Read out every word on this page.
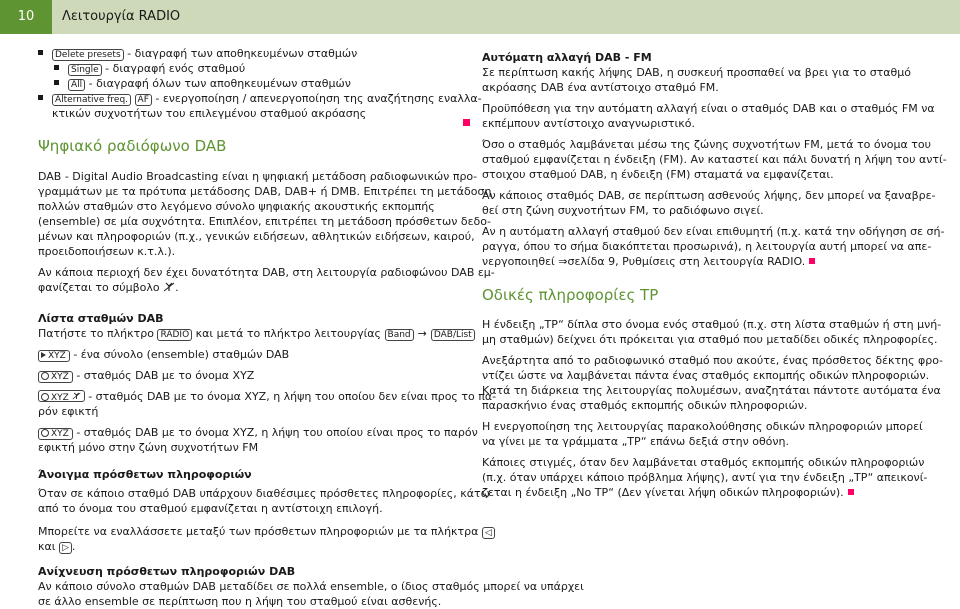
10	Λειτουργία RADIO
Delete presets - διαγραφή των αποθηκευμένων σταθμών
Single - διαγραφή ενός σταθμού
All - διαγραφή όλων των αποθηκευμένων σταθμών
Alternative freq. AF - ενεργοποίηση / απενεργοποίηση της αναζήτησης εναλλα-
κτικών συχνοτήτων του επιλεγμένου σταθμού ακρόασης
Ψηφιακό ραδιόφωνο DAB
DAB - Digital Audio Broadcasting είναι η ψηφιακή μετάδοση ραδιοφωνικών προ-
γραμμάτων με τα πρότυπα μετάδοσης DAB, DAB+ ή DMB. Επιτρέπει τη μετάδοση
πολλών σταθμών στο λεγόμενο σύνολο ψηφιακής ακουστικής εκπομπής
(ensemble) σε μία συχνότητα. Επιπλέον, επιτρέπει τη μετάδοση πρόσθετων δεδο-
μένων και πληροφοριών (π.χ., γενικών ειδήσεων, αθλητικών ειδήσεων, καιρού,
προειδοποιήσεων κ.τ.λ.).
Αν κάποια περιοχή δεν έχει δυνατότητα DAB, στη λειτουργία ραδιοφώνου DAB εμ-
φανίζεται το σύμβολο .
Λίστα σταθμών DAB
Πατήστε το πλήκτρο RADIO και μετά το πλήκτρο λειτουργίας Band → DAB/List
XYZ - ένα σύνολο (ensemble) σταθμών DAB
XYZ - σταθμός DAB με το όνομα XYZ
XYZ  - σταθμός DAB με το όνομα XYZ, η λήψη του οποίου δεν είναι προς το πα-
ρόν εφικτή
XYZ - σταθμός DAB με το όνομα XYZ, η λήψη του οποίου είναι προς το παρόν
εφικτή μόνο στην ζώνη συχνοτήτων FM
Άνοιγμα πρόσθετων πληροφοριών
Όταν σε κάποιο σταθμό DAB υπάρχουν διαθέσιμες πρόσθετες πληροφορίες, κάτω
από το όνομα του σταθμού εμφανίζεται η αντίστοιχη επιλογή.
Μπορείτε να εναλλάσσετε μεταξύ των πρόσθετων πληροφοριών με τα πλήκτρα ◁
και ▷ .
Ανίχνευση πρόσθετων πληροφοριών DAB
Αν κάποιο σύνολο σταθμών DAB μεταδίδει σε πολλά ensemble, ο ίδιος σταθμός μπορεί να υπάρχει
σε άλλο ensemble σε περίπτωση που η λήψη του σταθμού είναι ασθενής.
Αυτόματη αλλαγή DAB - FM
Σε περίπτωση κακής λήψης DAB, η συσκευή προσπαθεί να βρει για το σταθμό
ακρόασης DAB ένα αντίστοιχο σταθμό FM.
Προϋπόθεση για την αυτόματη αλλαγή είναι ο σταθμός DAB και ο σταθμός FM να
εκπέμπουν αντίστοιχο αναγνωριστικό.
Όσο ο σταθμός λαμβάνεται μέσω της ζώνης συχνοτήτων FM, μετά το όνομα του
σταθμού εμφανίζεται η ένδειξη (FM). Αν καταστεί και πάλι δυνατή η λήψη του αντί-
στοιχου σταθμού DAB, η ένδειξη (FM) σταματά να εμφανίζεται.
Αν κάποιος σταθμός DAB, σε περίπτωση ασθενούς λήψης, δεν μπορεί να ξαναβρε-
θεί στη ζώνη συχνοτήτων FM, το ραδιόφωνο σιγεί.
Αν η αυτόματη αλλαγή σταθμού δεν είναι επιθυμητή (π.χ. κατά την οδήγηση σε σή-
ραγγα, όπου το σήμα διακόπτεται προσωρινά), η λειτουργία αυτή μπορεί να απε-
νεργοποιηθεί ⇒σελίδα 9, Ρυθμίσεις στη λειτουργία RADIO.
Οδικές πληροφορίες TP
Η ένδειξη „TP“ δίπλα στο όνομα ενός σταθμού (π.χ. στη λίστα σταθμών ή στη μνή-
μη σταθμών) δείχνει ότι πρόκειται για σταθμό που μεταδίδει οδικές πληροφορίες.
Ανεξάρτητα από το ραδιοφωνικό σταθμό που ακούτε, ένας πρόσθετος δέκτης φρο-
ντίζει ώστε να λαμβάνεται πάντα ένας σταθμός εκπομπής οδικών πληροφοριών.
Κατά τη διάρκεια της λειτουργίας πολυμέσων, αναζητάται πάντοτε αυτόματα ένα
παρασκήνιο ένας σταθμός εκπομπής οδικών πληροφοριών.
Η ενεργοποίηση της λειτουργίας παρακολούθησης οδικών πληροφοριών μπορεί
να γίνει με τα γράμματα „TP“ επάνω δεξιά στην οθόνη.
Κάποιες στιγμές, όταν δεν λαμβάνεται σταθμός εκπομπής οδικών πληροφοριών
(π.χ. όταν υπάρχει κάποιο πρόβλημα λήψης), αντί για την ένδειξη „TP“ απεικονί-
ζεται η ένδειξη „No TP“ (Δεν γίνεται λήψη οδικών πληροφοριών).
